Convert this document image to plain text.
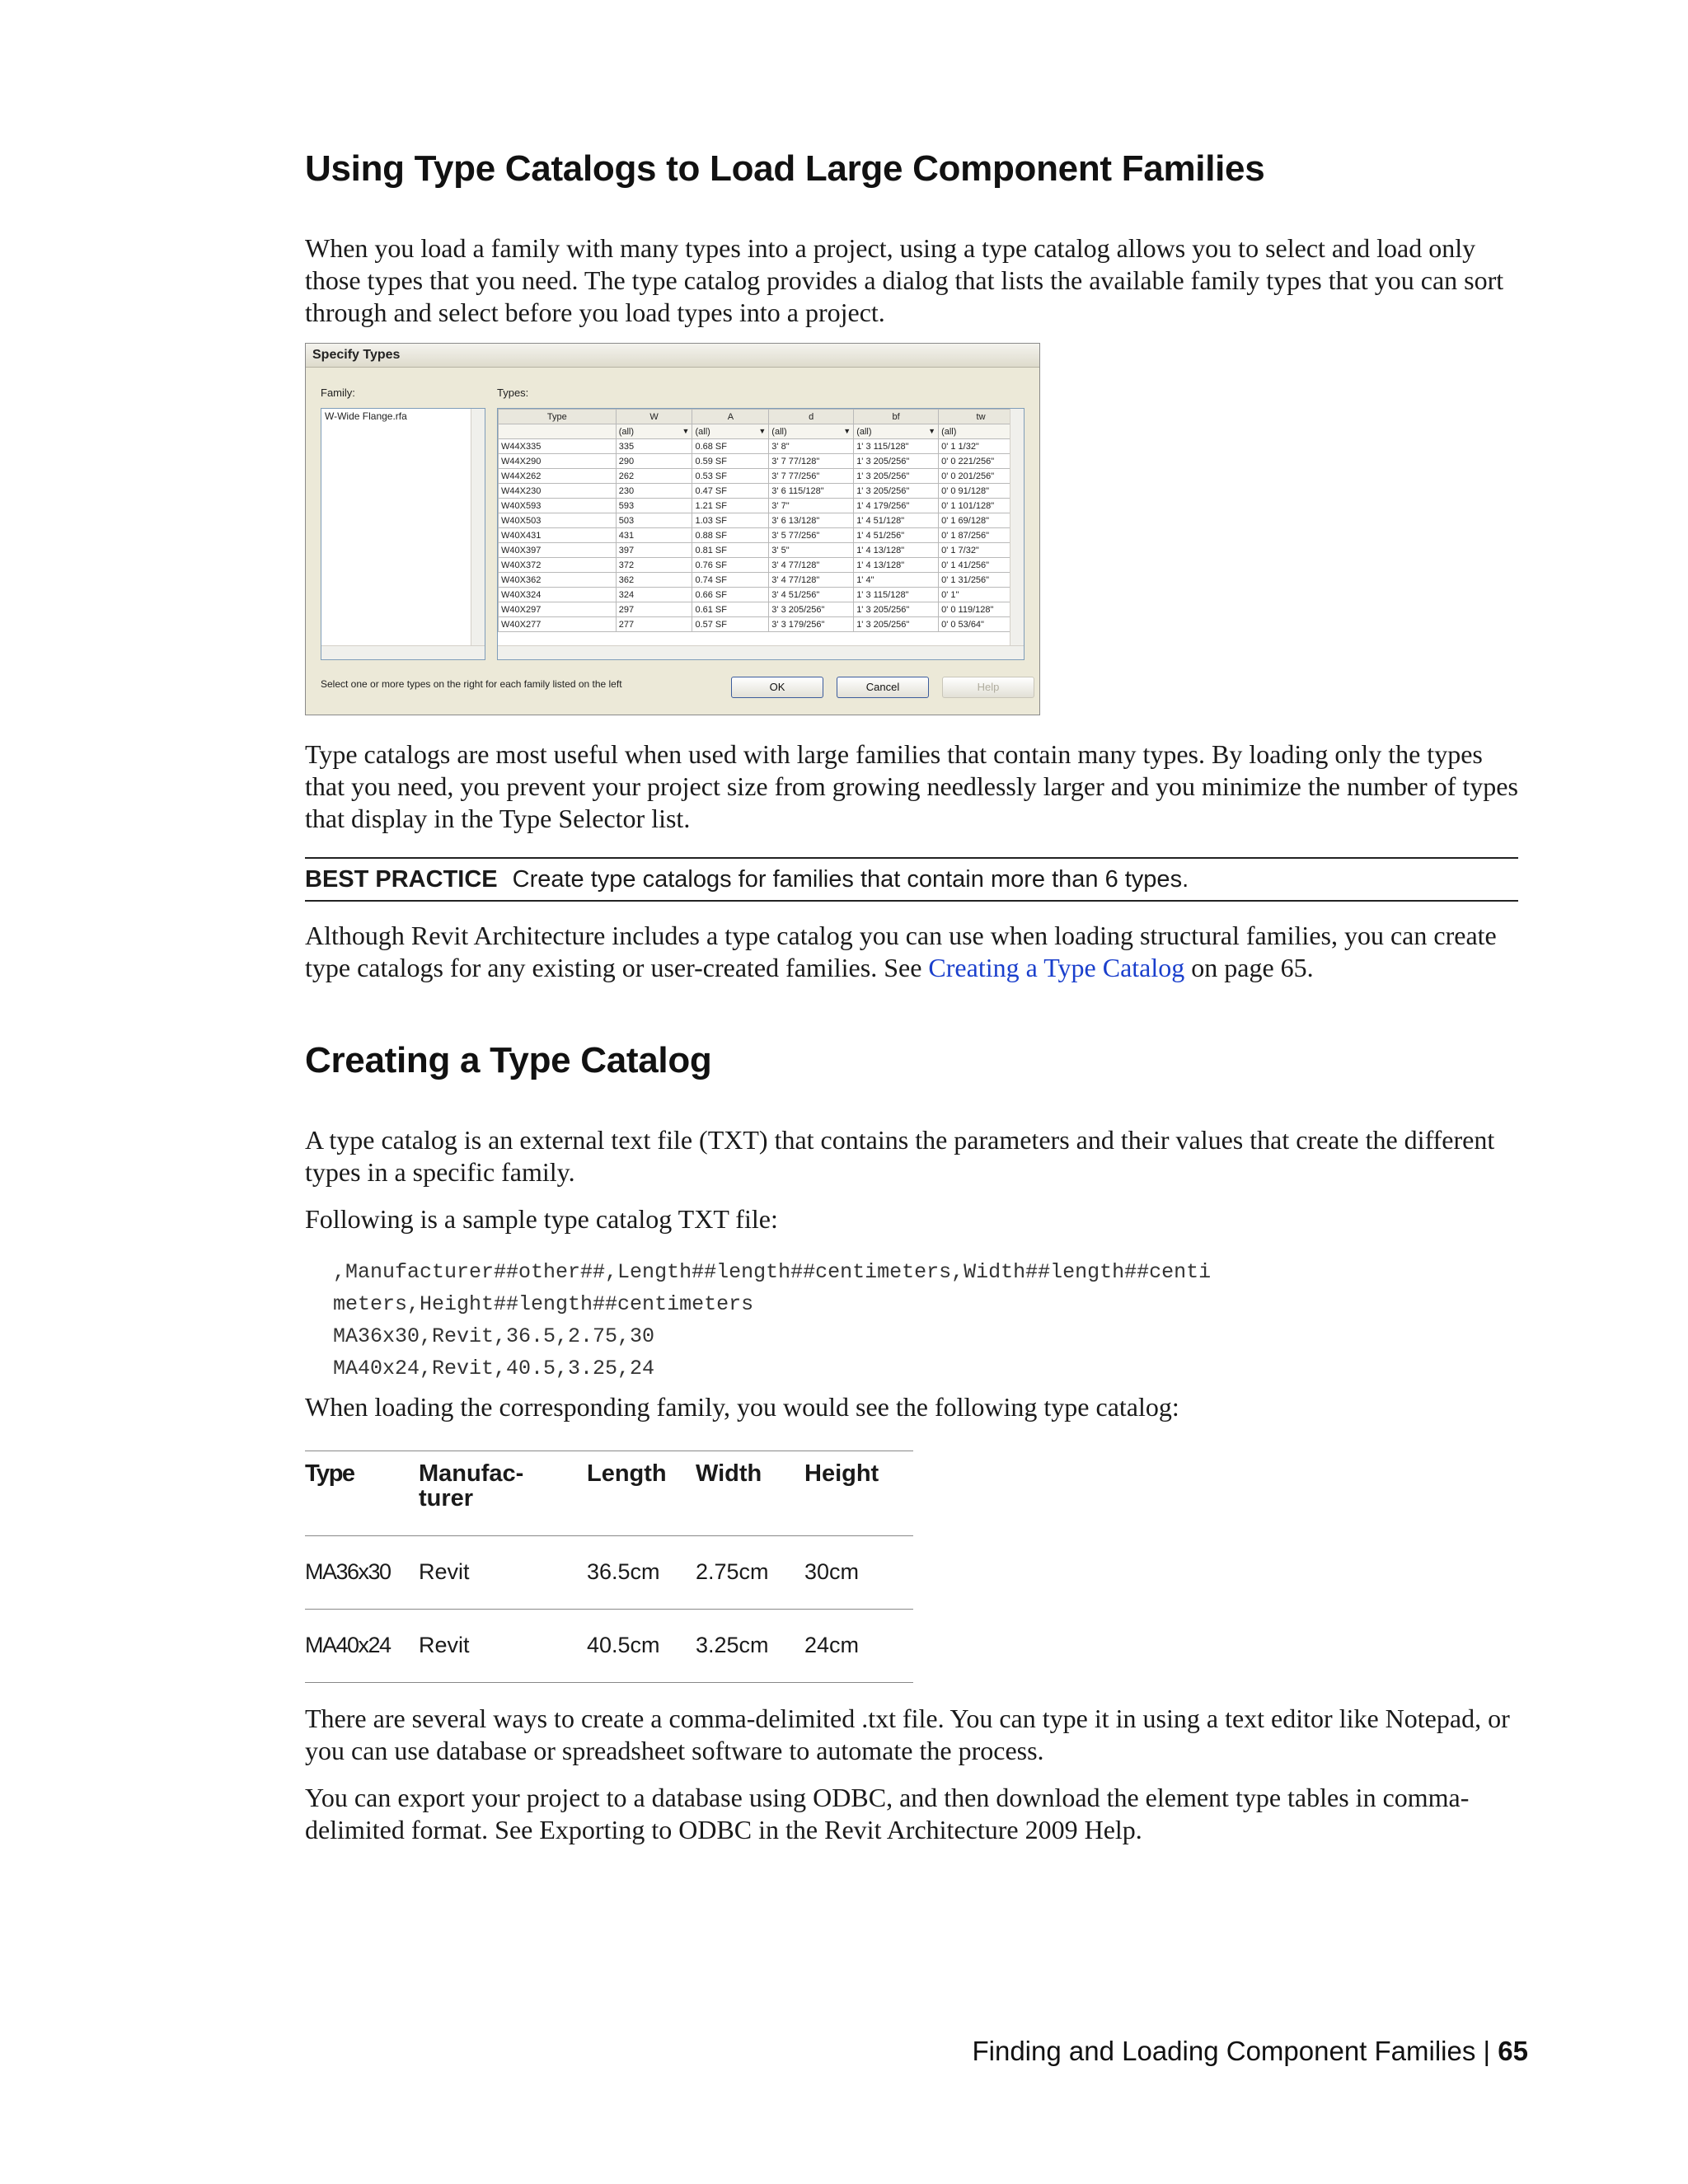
Using Type Catalogs to Load Large Component Families

When you load a family with many types into a project, using a type catalog allows you to select and load only those types that you need. The type catalog provides a dialog that lists the available family types that you can sort through and select before you load types into a project.

Specify Types
Family:	Types:
W-Wide Flange.rfa	Type	W	A	d	bf	tw
	(all) ▼	(all) ▼	(all) ▼	(all) ▼	(all)

W44X335	335	0.68 SF	3' 8"	1' 3 115/128"	0' 1 1/32"
W44X290	290	0.59 SF	3' 7 77/128"	1' 3 205/256"	0' 0 221/256"
W44X262	262	0.53 SF	3' 7 77/256"	1' 3 205/256"	0' 0 201/256"
W44X230	230	0.47 SF	3' 6 115/128"	1' 3 205/256"	0' 0 91/128"
W40X593	593	1.21 SF	3' 7"	1' 4 179/256"	0' 1 101/128"
W40X503	503	1.03 SF	3' 6 13/128"	1' 4 51/128"	0' 1 69/128"
W40X431	431	0.88 SF	3' 5 77/256"	1' 4 51/256"	0' 1 87/256"
W40X397	397	0.81 SF	3' 5"	1' 4 13/128"	0' 1 7/32"
W40X372	372	0.76 SF	3' 4 77/128"	1' 4 13/128"	0' 1 41/256"
W40X362	362	0.74 SF	3' 4 77/128"	1' 4"	0' 1 31/256"
W40X324	324	0.66 SF	3' 4 51/256"	1' 3 115/128"	0' 1"
W40X297	297	0.61 SF	3' 3 205/256"	1' 3 205/256"	0' 0 119/128"
W40X277	277	0.57 SF	3' 3 179/256"	1' 3 205/256"	0' 0 53/64"
Select one or more types on the right for each family listed on the left	OK	Cancel	Help

Type catalogs are most useful when used with large families that contain many types. By loading only the types that you need, you prevent your project size from growing needlessly larger and you minimize the number of types that display in the Type Selector list.

BEST PRACTICE Create type catalogs for families that contain more than 6 types.

Although Revit Architecture includes a type catalog you can use when loading structural families, you can create type catalogs for any existing or user-created families. See Creating a Type Catalog on page 65.

Creating a Type Catalog

A type catalog is an external text file (TXT) that contains the parameters and their values that create the different types in a specific family.

Following is a sample type catalog TXT file:

,Manufacturer##other##,Length##length##centimeters,Width##length##centi
meters,Height##length##centimeters
MA36x30,Revit,36.5,2.75,30
MA40x24,Revit,40.5,3.25,24

When loading the corresponding family, you would see the following type catalog:

Type	Manufac-
turer
Length Width Height
MA36x30	Revit	36.5cm 2.75cm 30cm
MA40x24	Revit	40.5cm 3.25cm 24cm

There are several ways to create a comma-delimited .txt file. You can type it in using a text editor like Notepad, or you can use database or spreadsheet software to automate the process.

You can export your project to a database using ODBC, and then download the element type tables in comma-delimited format. See Exporting to ODBC in the Revit Architecture 2009 Help.

Finding and Loading Component Families | 65
